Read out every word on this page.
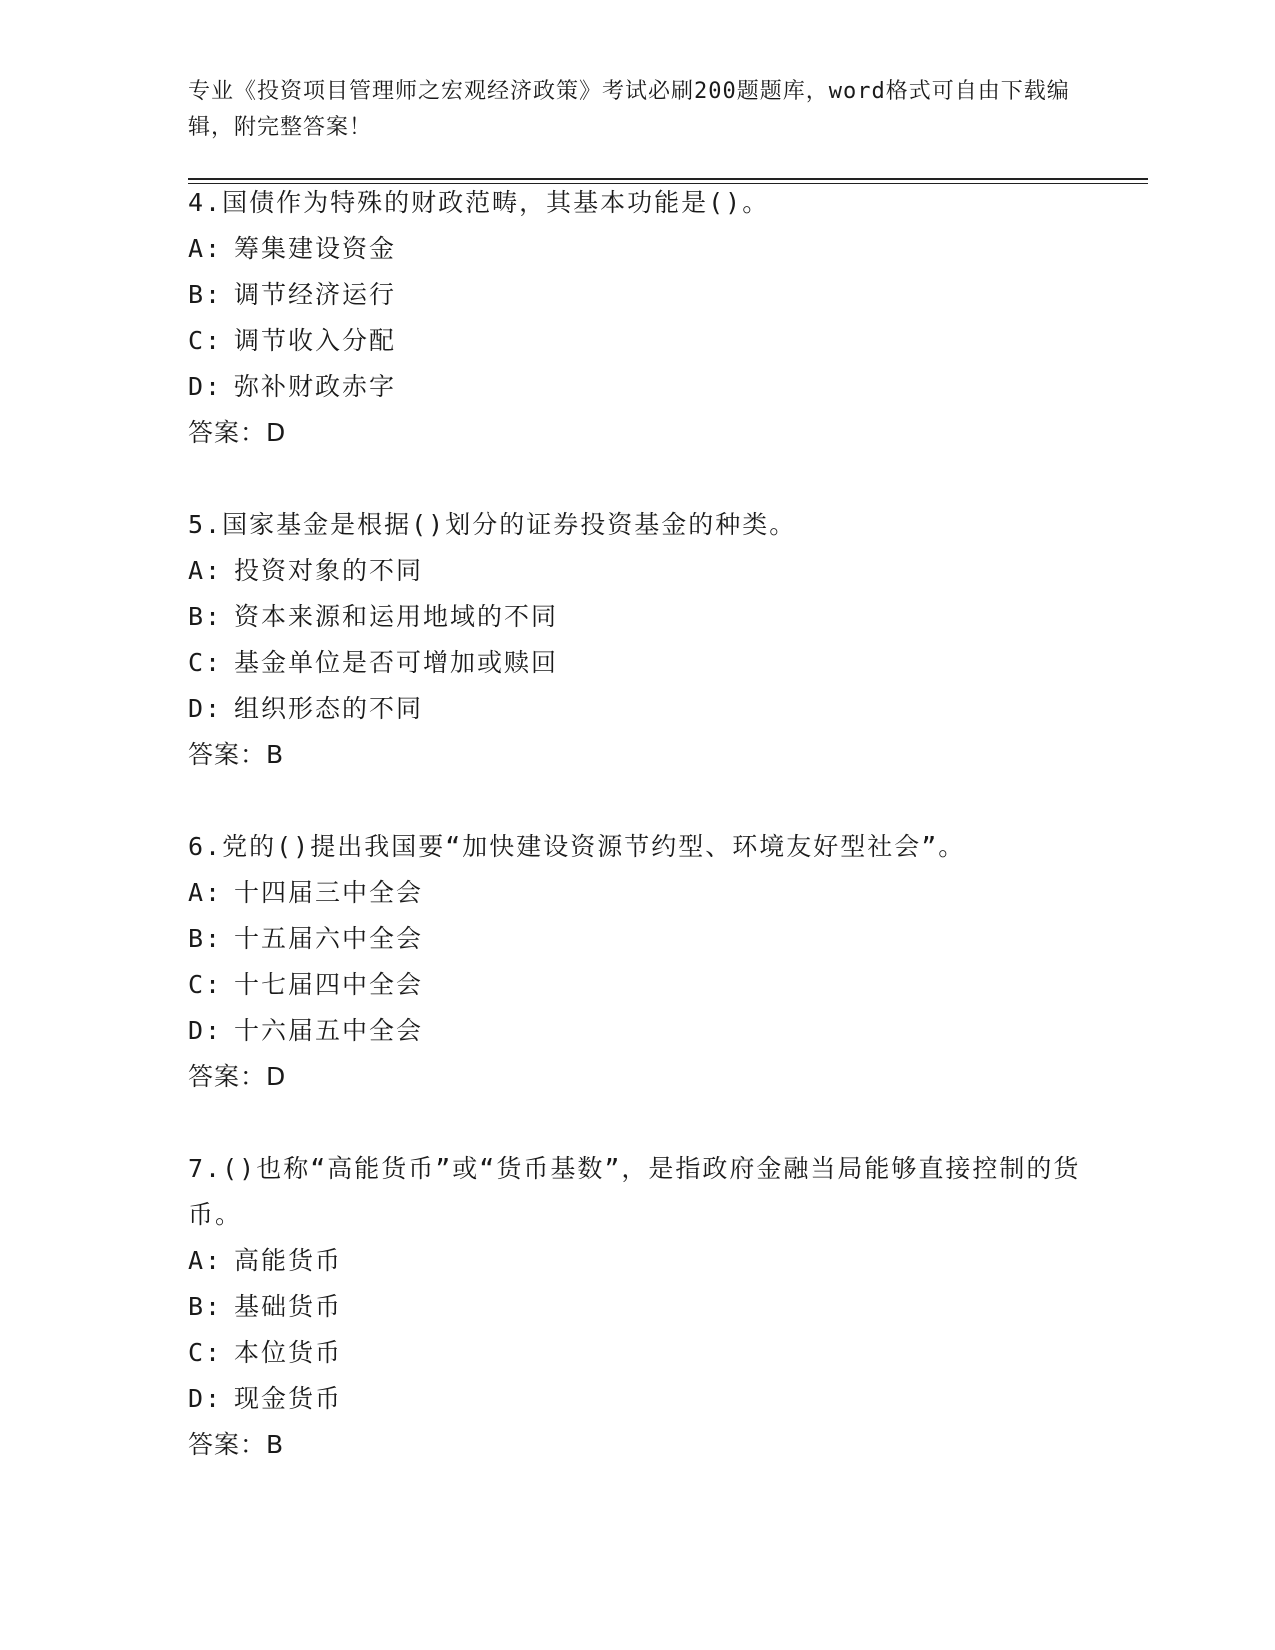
专业《投资项目管理师之宏观经济政策》考试必刷200题题库，word格式可自由下载编辑，附完整答案！

4.国债作为特殊的财政范畴，其基本功能是()。

A: 筹集建设资金

B: 调节经济运行

C: 调节收入分配

D: 弥补财政赤字

答案：D

5.国家基金是根据()划分的证券投资基金的种类。

A: 投资对象的不同

B: 资本来源和运用地域的不同

C: 基金单位是否可增加或赎回

D: 组织形态的不同

答案：B

6.党的()提出我国要“加快建设资源节约型、环境友好型社会”。

A: 十四届三中全会

B: 十五届六中全会

C: 十七届四中全会

D: 十六届五中全会

答案：D

7.()也称“高能货币”或“货币基数”，是指政府金融当局能够直接控制的货币。

A: 高能货币

B: 基础货币

C: 本位货币

D: 现金货币

答案：B
